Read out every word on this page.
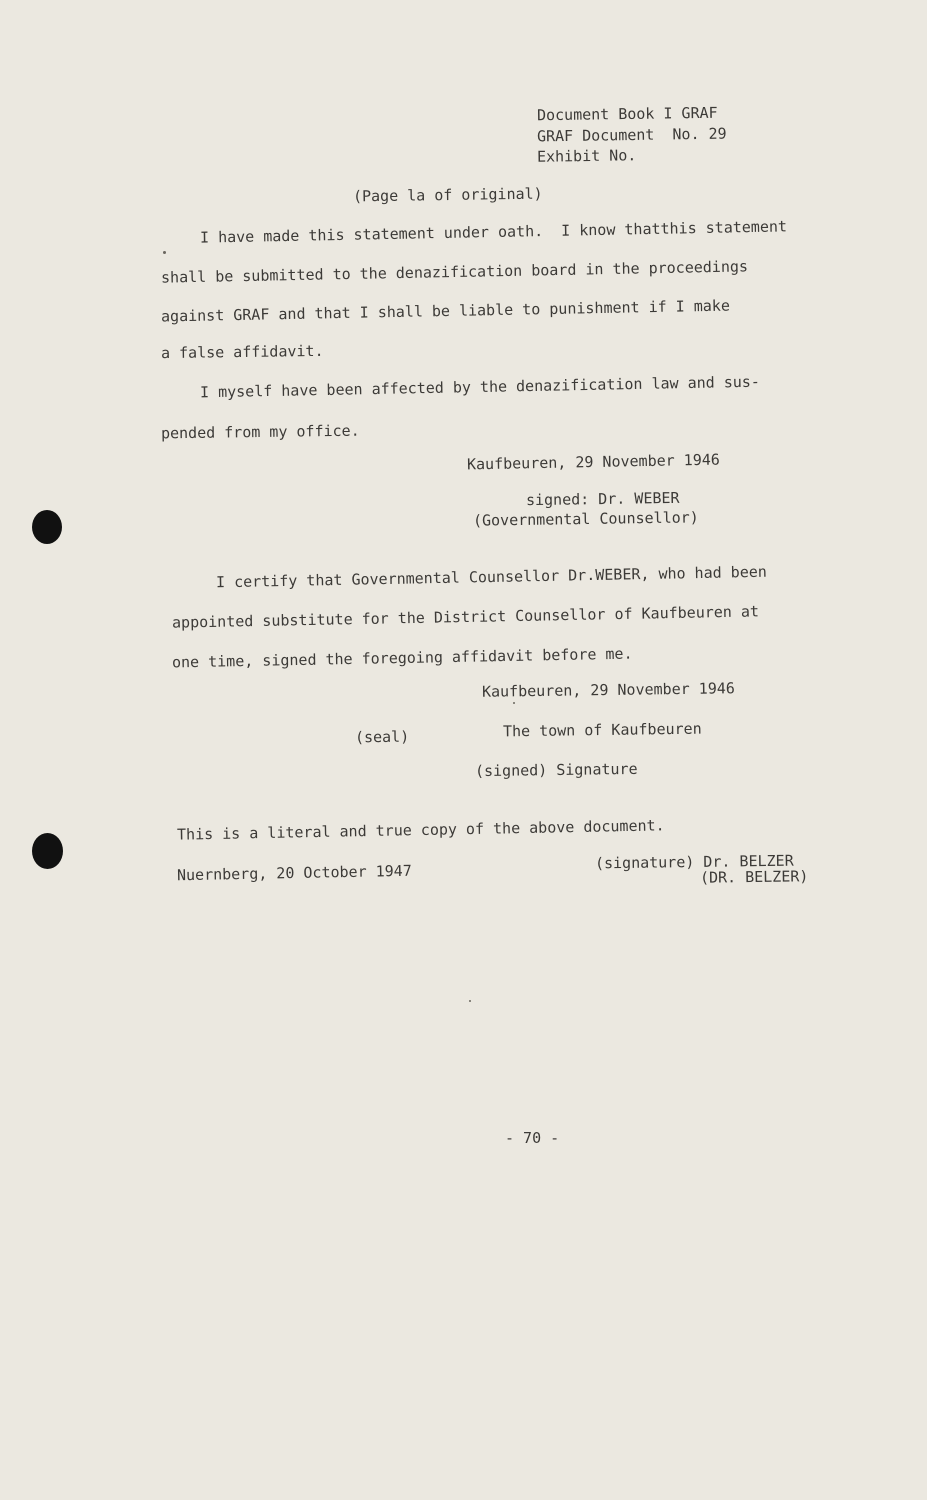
Document Book I GRAF
GRAF Document  No. 29
Exhibit No.
(Page la of original)
I have made this statement under oath.  I know thatthis statement
shall be submitted to the denazification board in the proceedings
against GRAF and that I shall be liable to punishment if I make
a false affidavit.
I myself have been affected by the denazification law and sus-
pended from my office.
Kaufbeuren, 29 November 1946
signed: Dr. WEBER
(Governmental Counsellor)
I certify that Governmental Counsellor Dr.WEBER, who had been
appointed substitute for the District Counsellor of Kaufbeuren at
one time, signed the foregoing affidavit before me.
Kaufbeuren, 29 November 1946
(seal)	The town of Kaufbeuren
(signed) Signature
This is a literal and true copy of the above document.
Nuernberg, 20 October 1947	(signature) Dr. BELZER
(DR. BELZER)
- 70 -
